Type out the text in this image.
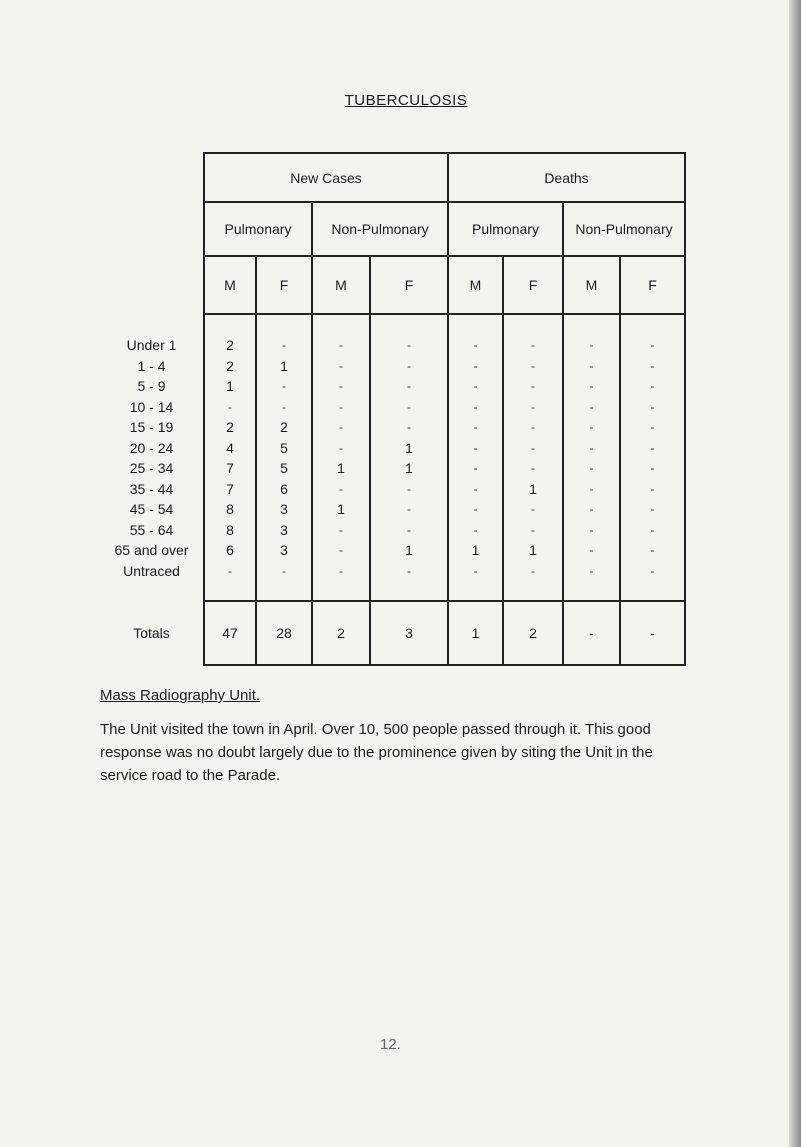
TUBERCULOSIS
	New Cases				Deaths			
	Pulmonary		Non-Pulmonary		Pulmonary		Non-Pulmonary	
	M	F	M	F	M	F	M	F

Under 1	2	-	-	-	-	-	-	-
1 - 4	2	1	-	-	-	-	-	-
5 - 9	1	-	-	-	-	-	-	-
10 - 14	-	-	-	-	-	-	-	-
15 - 19	2	2	-	-	-	-	-	-
20 - 24	4	5	-	1	-	-	-	-
25 - 34	7	5	1	1	-	-	-	-
35 - 44	7	6	-	-	-	1	-	-
45 - 54	8	3	1	-	-	-	-	-
55 - 64	8	3	-	-	-	-	-	-
65 and over	6	3	-	1	1	1	-	-
Untraced	-	-	-	-	-	-	-	-

Totals	47	28	2	3	1	2	-	-
Mass Radiography Unit.

The Unit visited the town in April. Over 10, 500 people passed through it. This good response was no doubt largely due to the prominence given by siting the Unit in the service road to the Parade.

12.
